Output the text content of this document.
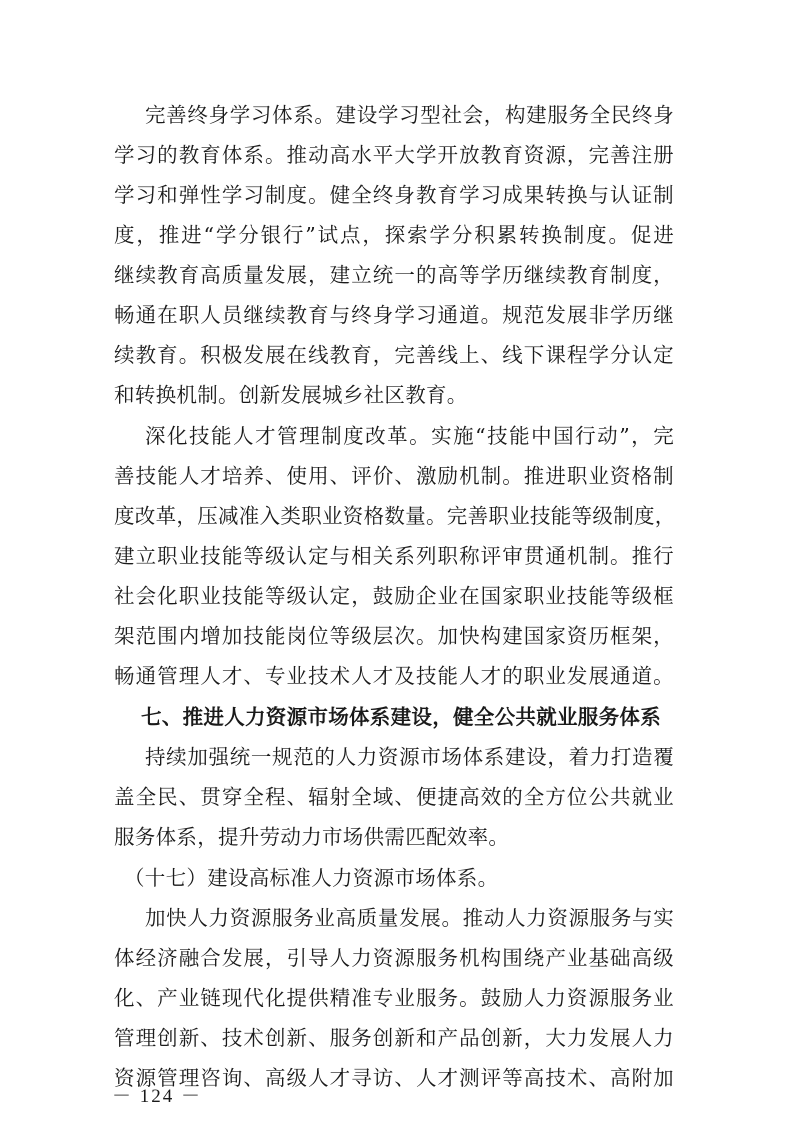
完善终身学习体系。建设学习型社会，构建服务全民终身
学习的教育体系。推动高水平大学开放教育资源，完善注册
学习和弹性学习制度。健全终身教育学习成果转换与认证制
度，推进“学分银行”试点，探索学分积累转换制度。促进
继续教育高质量发展，建立统一的高等学历继续教育制度，
畅通在职人员继续教育与终身学习通道。规范发展非学历继
续教育。积极发展在线教育，完善线上、线下课程学分认定
和转换机制。创新发展城乡社区教育。
深化技能人才管理制度改革。实施“技能中国行动”，完
善技能人才培养、使用、评价、激励机制。推进职业资格制
度改革，压减准入类职业资格数量。完善职业技能等级制度，
建立职业技能等级认定与相关系列职称评审贯通机制。推行
社会化职业技能等级认定，鼓励企业在国家职业技能等级框
架范围内增加技能岗位等级层次。加快构建国家资历框架，
畅通管理人才、专业技术人才及技能人才的职业发展通道。
七、推进人力资源市场体系建设，健全公共就业服务体系
持续加强统一规范的人力资源市场体系建设，着力打造覆
盖全民、贯穿全程、辐射全域、便捷高效的全方位公共就业
服务体系，提升劳动力市场供需匹配效率。
（十七）建设高标准人力资源市场体系。
加快人力资源服务业高质量发展。推动人力资源服务与实
体经济融合发展，引导人力资源服务机构围绕产业基础高级
化、产业链现代化提供精准专业服务。鼓励人力资源服务业
管理创新、技术创新、服务创新和产品创新，大力发展人力
资源管理咨询、高级人才寻访、人才测评等高技术、高附加
－ 124 －
